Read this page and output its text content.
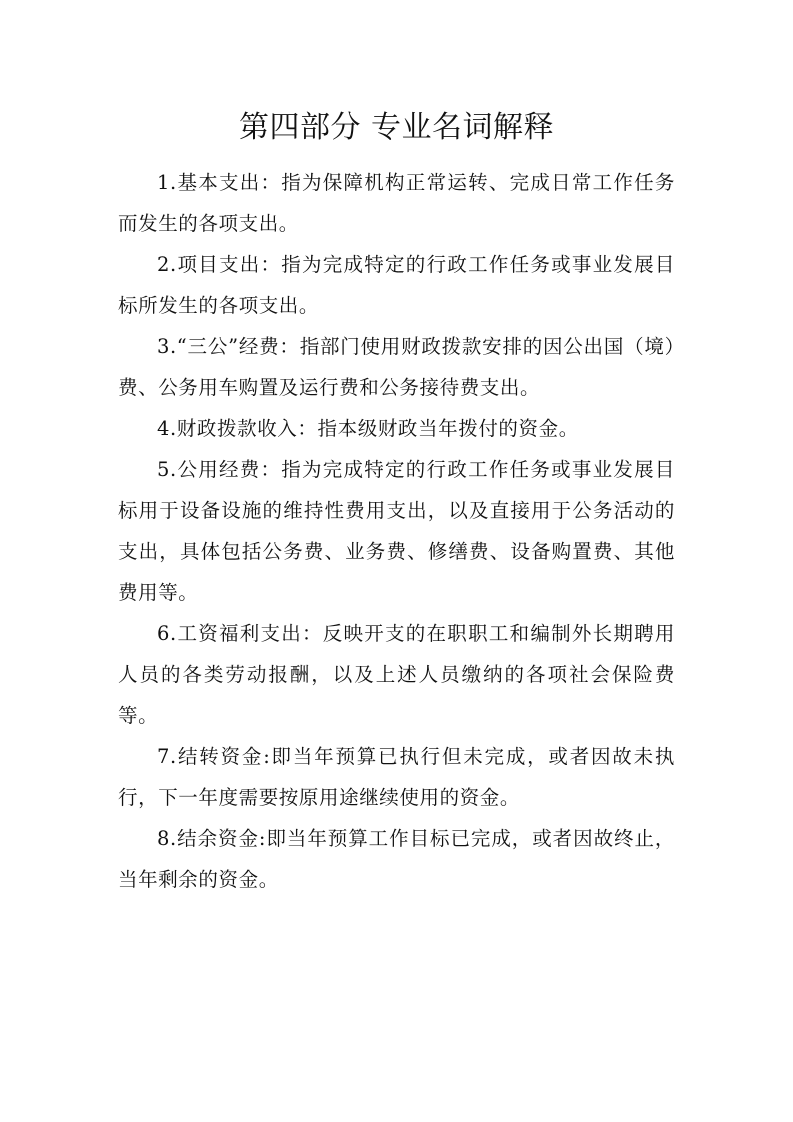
第四部分 专业名词解释

1.基本支出：指为保障机构正常运转、完成日常工作任务而发生的各项支出。

2.项目支出：指为完成特定的行政工作任务或事业发展目标所发生的各项支出。

3.“三公”经费：指部门使用财政拨款安排的因公出国（境）费、公务用车购置及运行费和公务接待费支出。

4.财政拨款收入：指本级财政当年拨付的资金。

5.公用经费：指为完成特定的行政工作任务或事业发展目标用于设备设施的维持性费用支出，以及直接用于公务活动的支出，具体包括公务费、业务费、修缮费、设备购置费、其他费用等。

6.工资福利支出：反映开支的在职职工和编制外长期聘用人员的各类劳动报酬，以及上述人员缴纳的各项社会保险费等。

7.结转资金:即当年预算已执行但未完成，或者因故未执行，下一年度需要按原用途继续使用的资金。

8.结余资金:即当年预算工作目标已完成，或者因故终止，当年剩余的资金。
